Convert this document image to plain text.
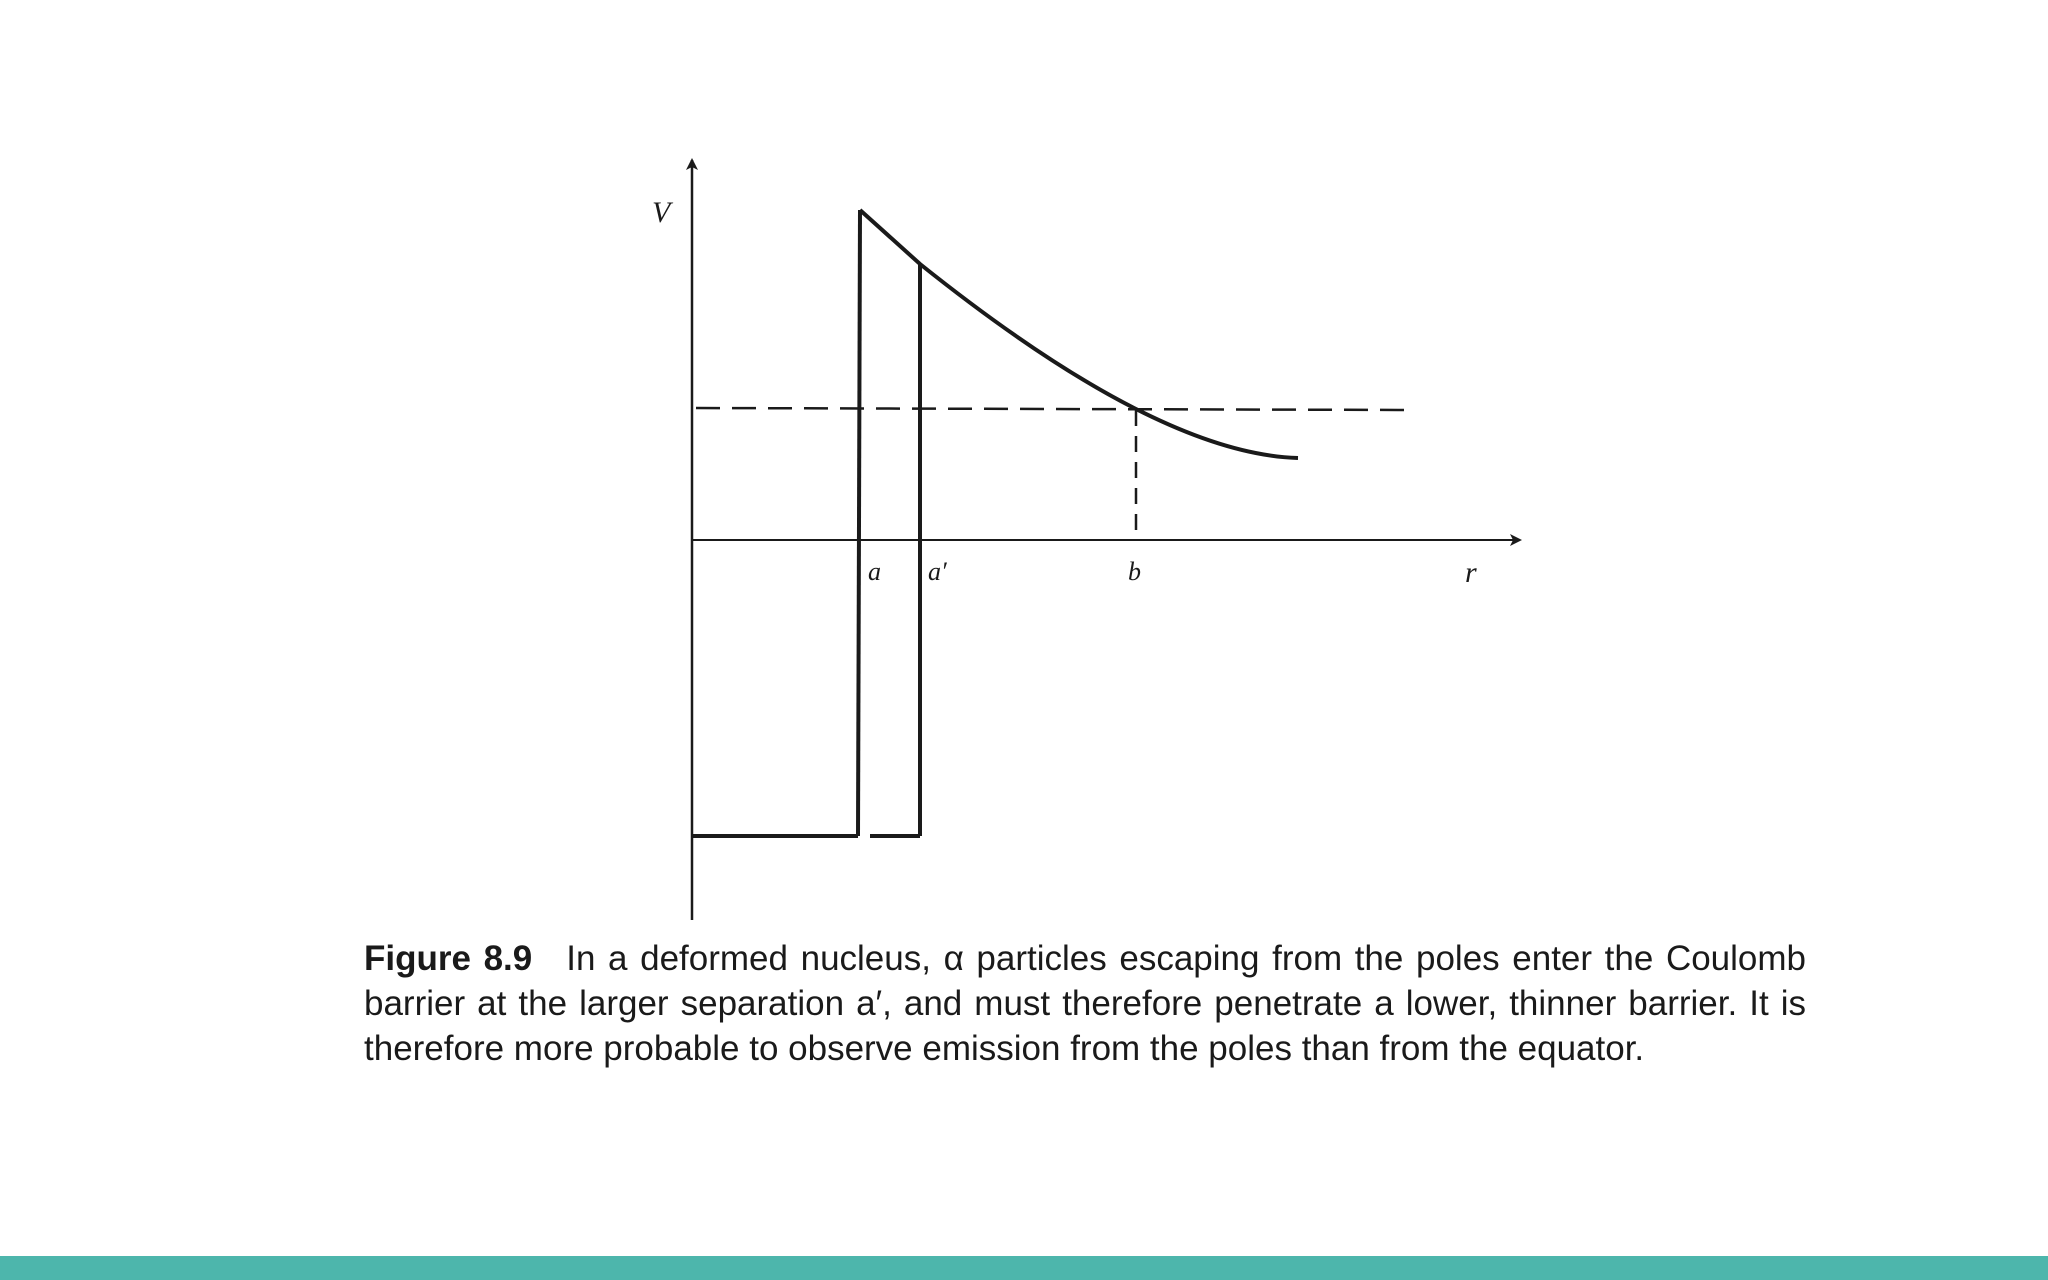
V
r
a a′	b
Figure 8.9 In a deformed nucleus, α particles escaping from the poles enter the Coulomb barrier at the larger separation a′, and must therefore penetrate a lower, thinner barrier. It is therefore more probable to observe emission from the poles than from the equator.
